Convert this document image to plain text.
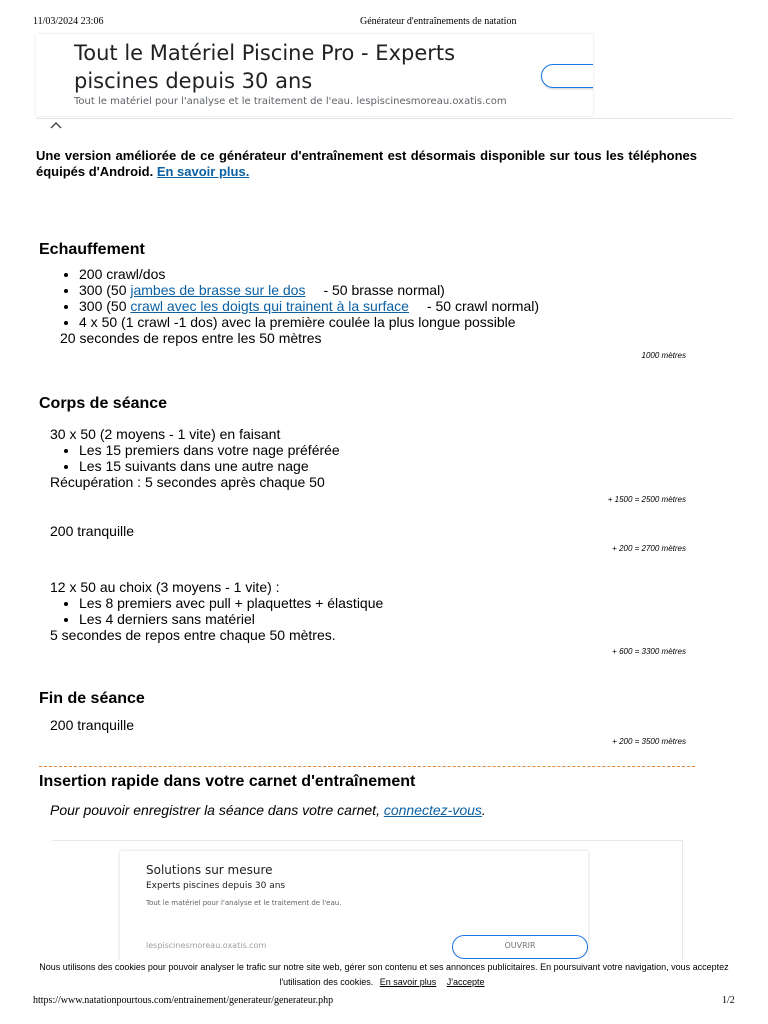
11/03/2024 23:06	Générateur d'entraînements de natation
Tout le Matériel Piscine Pro - Experts piscines depuis 30 ans
Tout le matériel pour l'analyse et le traitement de l'eau. lespiscinesmoreau.oxatis.com
Une version améliorée de ce générateur d'entraînement est désormais disponible sur tous les téléphones équipés d'Android. En savoir plus.
Echauffement
• 200 crawl/dos
• 300 (50 jambes de brasse sur le dos - 50 brasse normal)
• 300 (50 crawl avec les doigts qui trainent à la surface - 50 crawl normal)
• 4 x 50 (1 crawl -1 dos) avec la première coulée la plus longue possible
20 secondes de repos entre les 50 mètres
1000 mètres
Corps de séance
30 x 50 (2 moyens - 1 vite) en faisant
• Les 15 premiers dans votre nage préférée
• Les 15 suivants dans une autre nage
Récupération : 5 secondes après chaque 50
+ 1500 = 2500 mètres
200 tranquille
+ 200 = 2700 mètres
12 x 50 au choix (3 moyens - 1 vite) :
• Les 8 premiers avec pull + plaquettes + élastique
• Les 4 derniers sans matériel
5 secondes de repos entre chaque 50 mètres.
+ 600 = 3300 mètres
Fin de séance
200 tranquille
+ 200 = 3500 mètres
Insertion rapide dans votre carnet d'entraînement
Pour pouvoir enregistrer la séance dans votre carnet, connectez-vous.
Solutions sur mesure
Experts piscines depuis 30 ans
Tout le matériel pour l'analyse et le traitement de l'eau.
lespiscinesmoreau.oxatis.com	OUVRIR
Nous utilisons des cookies pour pouvoir analyser le trafic sur notre site web, gérer son contenu et ses annonces publicitaires. En poursuivant votre navigation, vous acceptez l'utilisation des cookies. En savoir plus J'accepte
https://www.natationpourtous.com/entrainement/generateur/generateur.php	1/2
